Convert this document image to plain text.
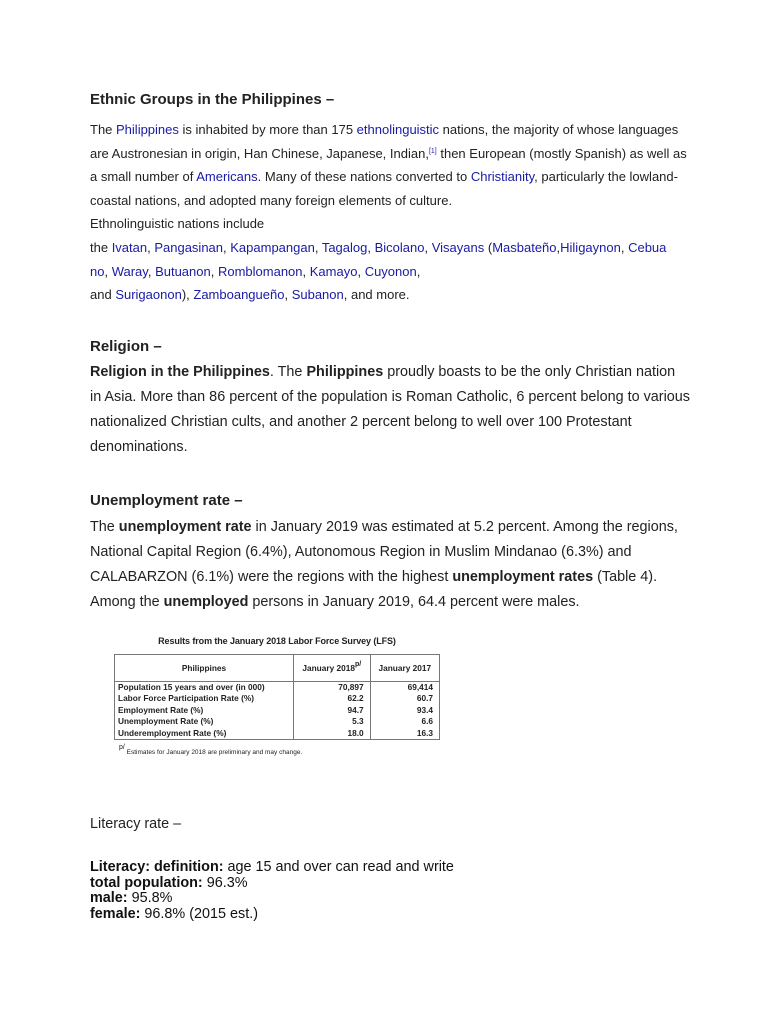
Ethnic Groups in the Philippines –
The Philippines is inhabited by more than 175 ethnolinguistic nations, the majority of whose languages are Austronesian in origin, Han Chinese, Japanese, Indian,[1] then European (mostly Spanish) as well as a small number of Americans. Many of these nations converted to Christianity, particularly the lowland-coastal nations, and adopted many foreign elements of culture.
Ethnolinguistic nations include
the Ivatan, Pangasinan, Kapampangan, Tagalog, Bicolano, Visayans (Masbateño,Hiligaynon, Cebua
no, Waray, Butuanon, Romblomanon, Kamayo, Cuyonon,
and Surigaonon), Zamboangueño, Subanon, and more.
Religion –
Religion in the Philippines. The Philippines proudly boasts to be the only Christian nation in Asia. More than 86 percent of the population is Roman Catholic, 6 percent belong to various nationalized Christian cults, and another 2 percent belong to well over 100 Protestant denominations.
Unemployment rate –
The unemployment rate in January 2019 was estimated at 5.2 percent. Among the regions, National Capital Region (6.4%), Autonomous Region in Muslim Mindanao (6.3%) and CALABARZON (6.1%) were the regions with the highest unemployment rates (Table 4). Among the unemployed persons in January 2019, 64.4 percent were males.
Results from the January 2018 Labor Force Survey (LFS)
Philippines	January $2018^{p/}$	January 2017
Population 15 years and over (in 000)	70,897	69,414
Labor Force Participation Rate (%)	62.2	60.7
Employment Rate (%)	94.7	93.4
Unemployment Rate (%)	5.3	6.6
Underemployment Rate (%)	18.0	16.3
$^{p/}$ Estimates for January 2018 are preliminary and may change.
Literacy rate –
Literacy: definition: age 15 and over can read and write
total population: 96.3%
male: 95.8%
female: 96.8% (2015 est.)
